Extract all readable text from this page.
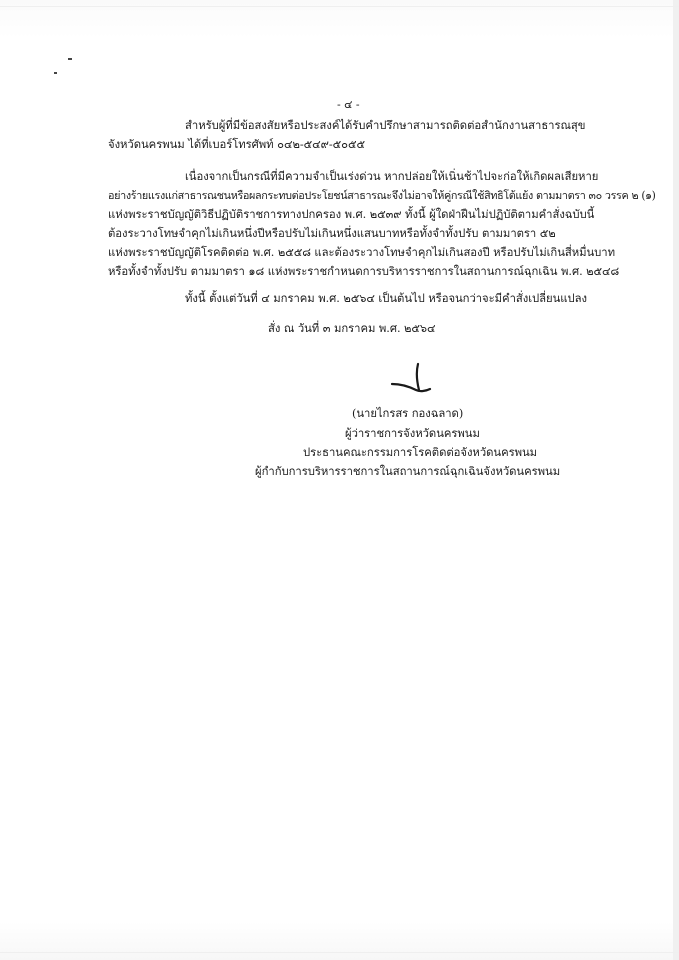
- ๔ -
สำหรับผู้ที่มีข้อสงสัยหรือประสงค์ได้รับคำปรึกษาสามารถติดต่อสำนักงานสาธารณสุข
จังหวัดนครพนม ได้ที่เบอร์โทรศัพท์ ๐๔๒-๕๔๙-๕๐๕๕
เนื่องจากเป็นกรณีที่มีความจำเป็นเร่งด่วน หากปล่อยให้เนิ่นช้าไปจะก่อให้เกิดผลเสียหาย
อย่างร้ายแรงแก่สาธารณชนหรือผลกระทบต่อประโยชน์สาธารณะจึงไม่อาจให้คู่กรณีใช้สิทธิโต้แย้ง ตามมาตรา ๓๐ วรรค ๒ (๑)
แห่งพระราชบัญญัติวิธีปฏิบัติราชการทางปกครอง พ.ศ. ๒๕๓๙ ทั้งนี้ ผู้ใดฝ่าฝืนไม่ปฏิบัติตามคำสั่งฉบับนี้
ต้องระวางโทษจำคุกไม่เกินหนึ่งปีหรือปรับไม่เกินหนึ่งแสนบาทหรือทั้งจำทั้งปรับ ตามมาตรา ๕๒
แห่งพระราชบัญญัติโรคติดต่อ พ.ศ. ๒๕๕๘ และต้องระวางโทษจำคุกไม่เกินสองปี หรือปรับไม่เกินสี่หมื่นบาท
หรือทั้งจำทั้งปรับ ตามมาตรา ๑๘ แห่งพระราชกำหนดการบริหารราชการในสถานการณ์ฉุกเฉิน พ.ศ. ๒๕๔๘
ทั้งนี้ ตั้งแต่วันที่ ๔ มกราคม พ.ศ. ๒๕๖๔ เป็นต้นไป หรือจนกว่าจะมีคำสั่งเปลี่ยนแปลง
สั่ง ณ วันที่ ๓ มกราคม พ.ศ. ๒๕๖๔
(นายไกรสร กองฉลาด)
ผู้ว่าราชการจังหวัดนครพนม
ประธานคณะกรรมการโรคติดต่อจังหวัดนครพนม
ผู้กำกับการบริหารราชการในสถานการณ์ฉุกเฉินจังหวัดนครพนม
